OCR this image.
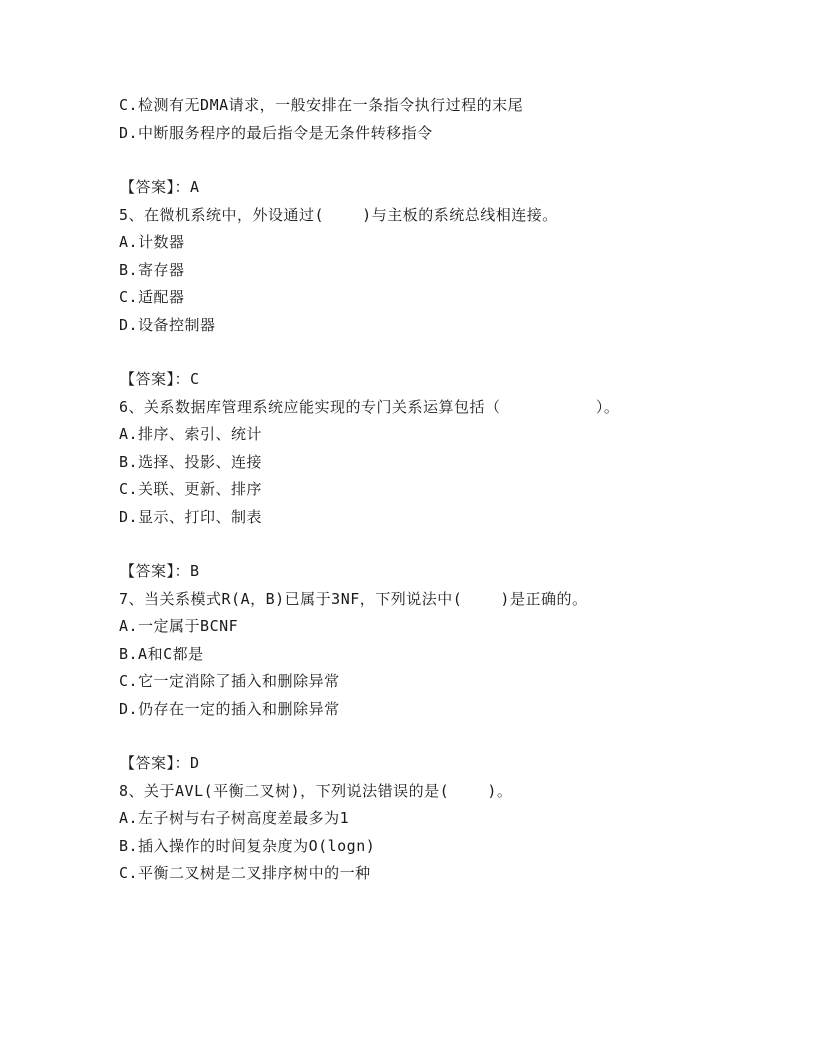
C.检测有无DMA请求，一般安排在一条指令执行过程的末尾
D.中断服务程序的最后指令是无条件转移指令
【答案】：A
5、在微机系统中，外设通过(    )与主板的系统总线相连接。
A.计数器
B.寄存器
C.适配器
D.设备控制器
【答案】：C
6、关系数据库管理系统应能实现的专门关系运算包括（          ）。
A.排序、索引、统计
B.选择、投影、连接
C.关联、更新、排序
D.显示、打印、制表
【答案】：B
7、当关系模式R(A，B)已属于3NF，下列说法中(    )是正确的。
A.一定属于BCNF
B.A和C都是
C.它一定消除了插入和删除异常
D.仍存在一定的插入和删除异常
【答案】：D
8、关于AVL(平衡二叉树)，下列说法错误的是(    )。
A.左子树与右子树高度差最多为1
B.插入操作的时间复杂度为O(logn)
C.平衡二叉树是二叉排序树中的一种
